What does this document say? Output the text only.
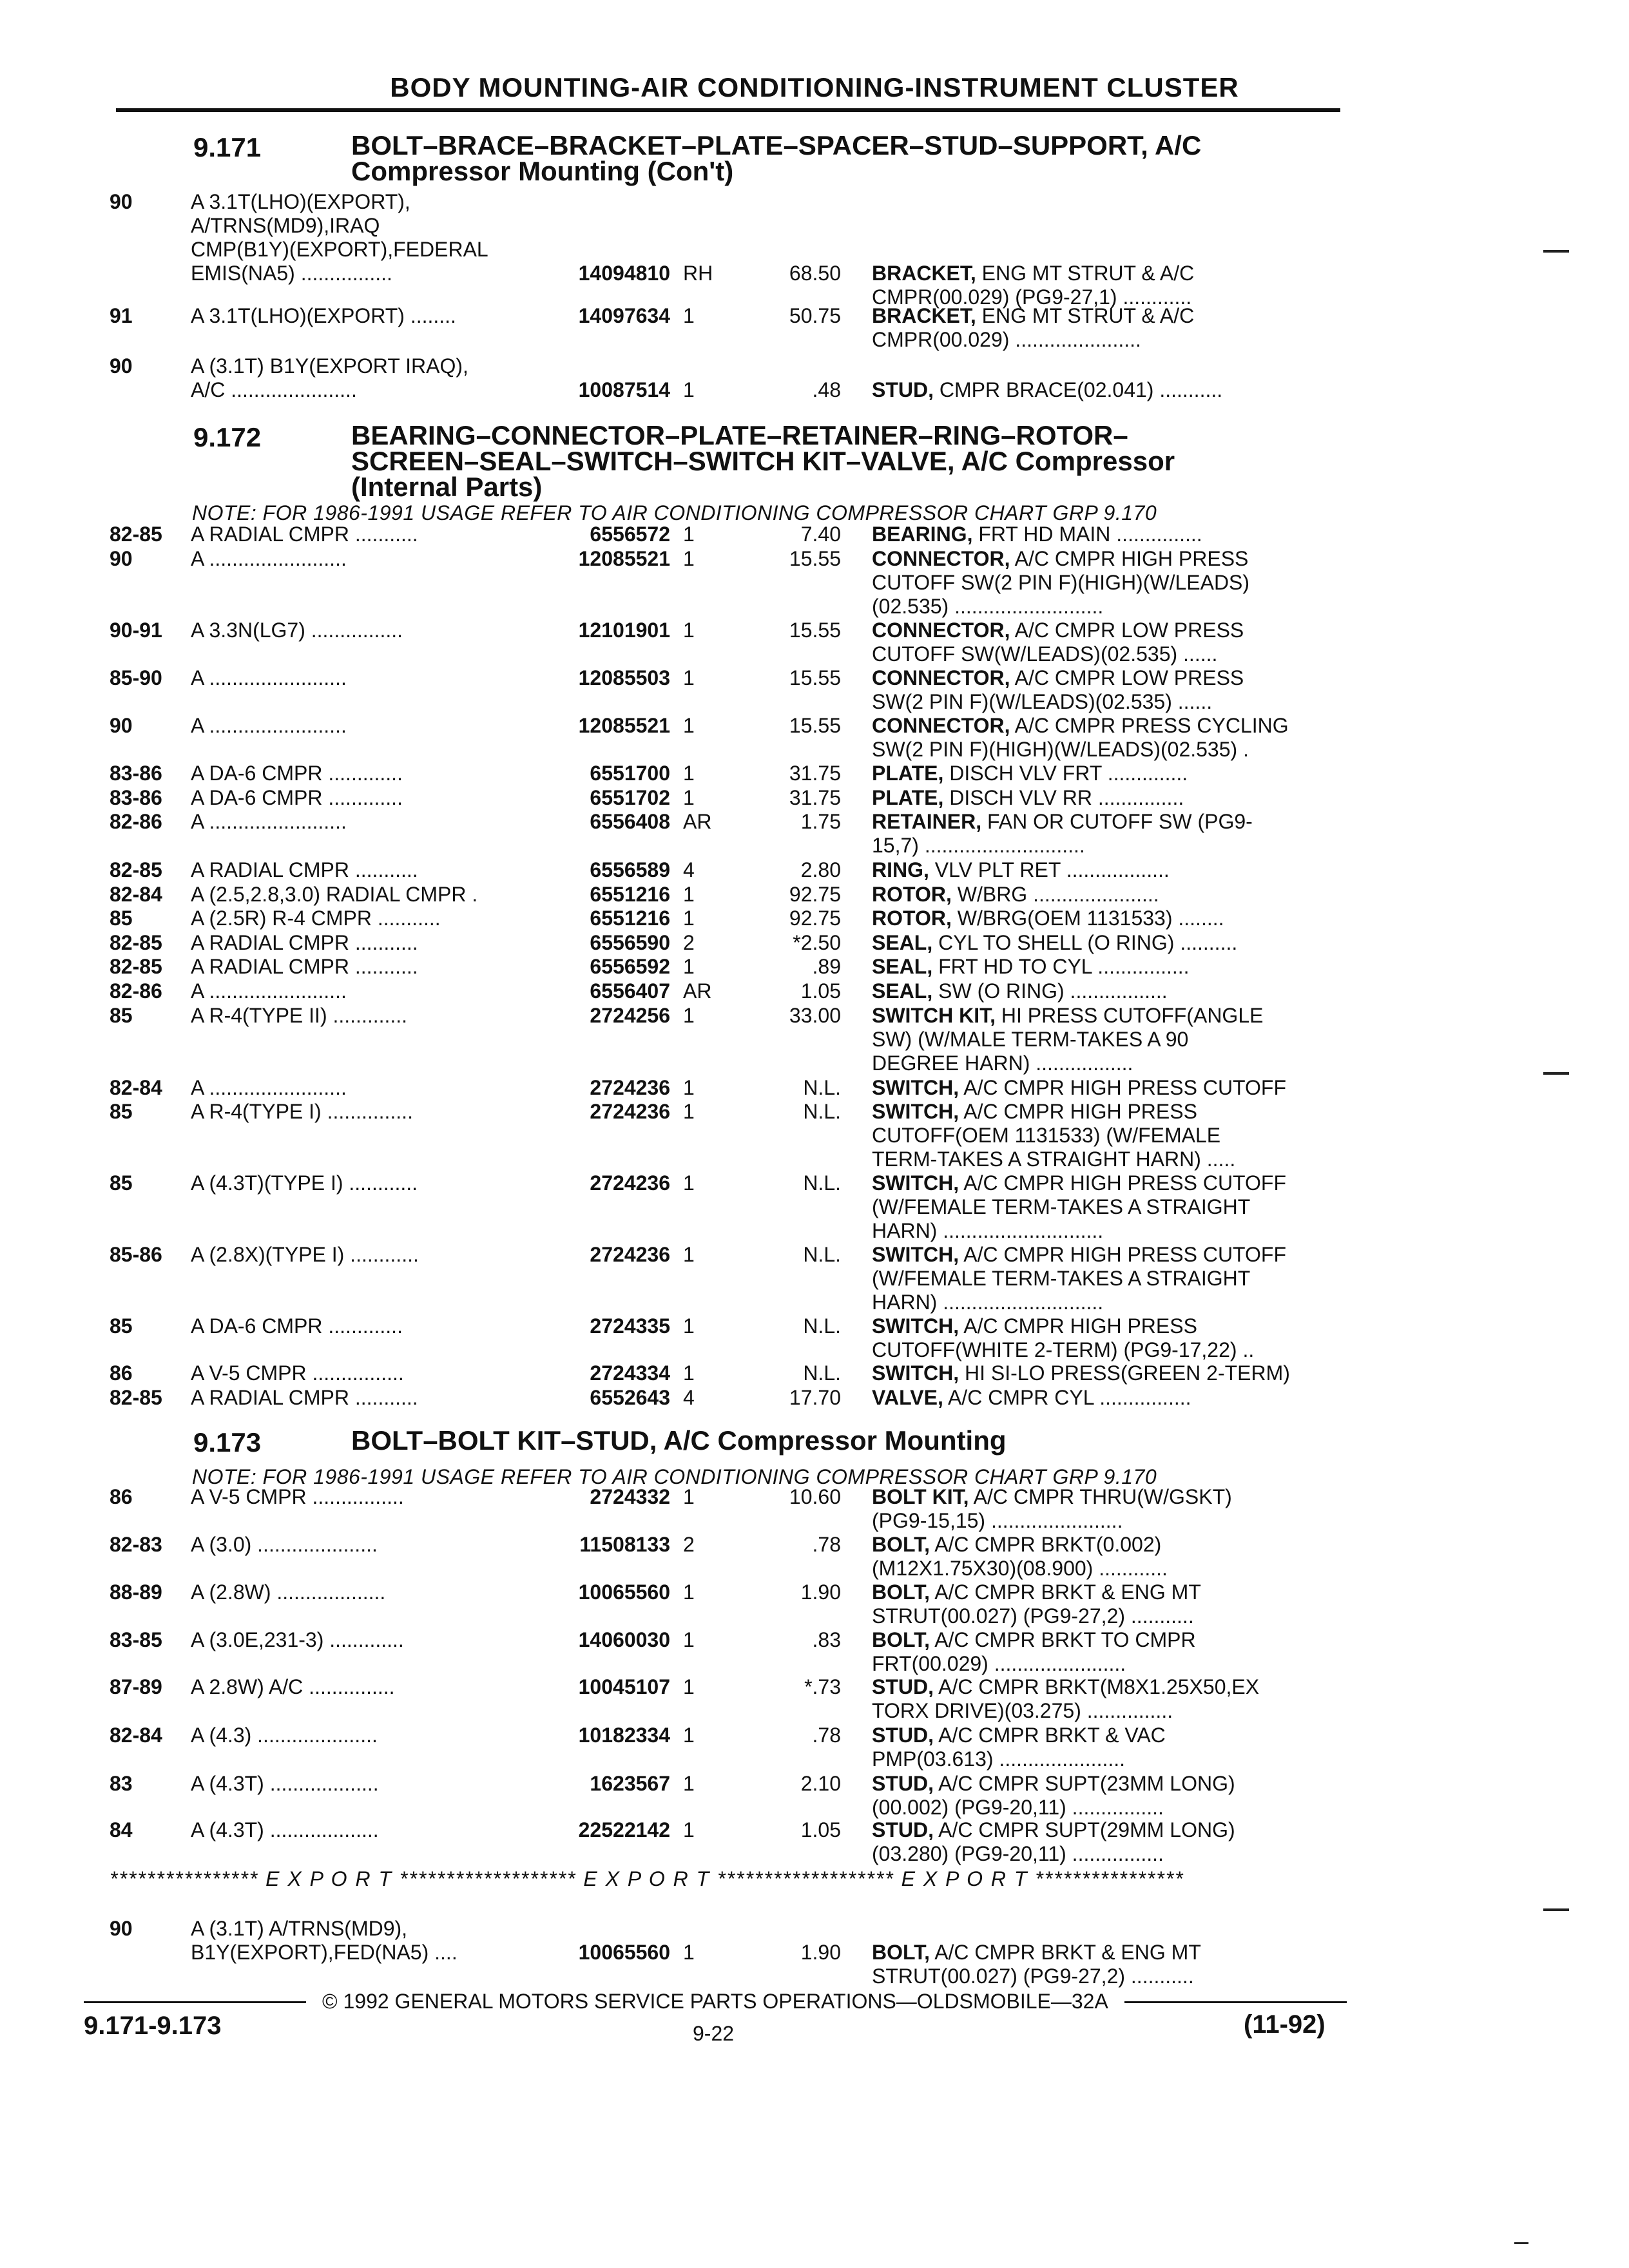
BODY MOUNTING-AIR CONDITIONING-INSTRUMENT CLUSTER
9.171	BOLT–BRACE–BRACKET–PLATE–SPACER–STUD–SUPPORT, A/C
Compressor Mounting (Con't)
9.172	BEARING–CONNECTOR–PLATE–RETAINER–RING–ROTOR–
SCREEN–SEAL–SWITCH–SWITCH KIT–VALVE, A/C Compressor
(Internal Parts)
9.173	BOLT–BOLT KIT–STUD, A/C Compressor Mounting
NOTE: FOR 1986-1991 USAGE REFER TO AIR CONDITIONING COMPRESSOR CHART GRP 9.170
NOTE: FOR 1986-1991 USAGE REFER TO AIR CONDITIONING COMPRESSOR CHART GRP 9.170
90	A 3.1T(LHO)(EXPORT),
A/TRNS(MD9),IRAQ
CMP(B1Y)(EXPORT),FEDERAL
EMIS(NA5) ................	14094810 RH	68.50 BRACKET, ENG MT STRUT & A/C
CMPR(00.029) (PG9-27,1) ............
91	A 3.1T(LHO)(EXPORT) ........	14097634 1	50.75 BRACKET, ENG MT STRUT & A/C
CMPR(00.029) ......................
90	A (3.1T) B1Y(EXPORT IRAQ),
A/C ......................	10087514 1	.48 STUD, CMPR BRACE(02.041) ...........
82-85	A RADIAL CMPR ...........	6556572 1	7.40 BEARING, FRT HD MAIN ...............
90	A ........................	12085521 1	15.55 CONNECTOR, A/C CMPR HIGH PRESS
CUTOFF SW(2 PIN F)(HIGH)(W/LEADS)
(02.535) ..........................
90-91	A 3.3N(LG7) ................	12101901 1	15.55 CONNECTOR, A/C CMPR LOW PRESS
CUTOFF SW(W/LEADS)(02.535) ......
85-90	A ........................	12085503 1	15.55 CONNECTOR, A/C CMPR LOW PRESS
SW(2 PIN F)(W/LEADS)(02.535) ......
90	A ........................	12085521 1	15.55 CONNECTOR, A/C CMPR PRESS CYCLING
SW(2 PIN F)(HIGH)(W/LEADS)(02.535) .
83-86	A DA-6 CMPR .............	6551700 1	31.75 PLATE, DISCH VLV FRT ..............
83-86	A DA-6 CMPR .............	6551702 1	31.75 PLATE, DISCH VLV RR ...............
82-86	A ........................	6556408 AR	1.75 RETAINER, FAN OR CUTOFF SW (PG9-
15,7) ............................
82-85	A RADIAL CMPR ...........	6556589 4	2.80 RING, VLV PLT RET ..................
82-84	A (2.5,2.8,3.0) RADIAL CMPR .	6551216 1	92.75 ROTOR, W/BRG ......................
85	A (2.5R) R-4 CMPR ...........	6551216 1	92.75 ROTOR, W/BRG(OEM 1131533) ........
82-85	A RADIAL CMPR ...........	6556590 2	*2.50 SEAL, CYL TO SHELL (O RING) ..........
82-85	A RADIAL CMPR ...........	6556592 1	.89 SEAL, FRT HD TO CYL ................
82-86	A ........................	6556407 AR	1.05 SEAL, SW (O RING) .................
85	A R-4(TYPE II) .............	2724256 1	33.00 SWITCH KIT, HI PRESS CUTOFF(ANGLE
SW) (W/MALE TERM-TAKES A 90
DEGREE HARN) .................
82-84	A ........................	2724236 1	N.L. SWITCH, A/C CMPR HIGH PRESS CUTOFF
85	A R-4(TYPE I) ...............	2724236 1	N.L. SWITCH, A/C CMPR HIGH PRESS
CUTOFF(OEM 1131533) (W/FEMALE
TERM-TAKES A STRAIGHT HARN) .....
85	A (4.3T)(TYPE I) ............	2724236 1	N.L. SWITCH, A/C CMPR HIGH PRESS CUTOFF
(W/FEMALE TERM-TAKES A STRAIGHT
HARN) ............................
85-86	A (2.8X)(TYPE I) ............	2724236 1	N.L. SWITCH, A/C CMPR HIGH PRESS CUTOFF
(W/FEMALE TERM-TAKES A STRAIGHT
HARN) ............................
85	A DA-6 CMPR .............	2724335 1	N.L. SWITCH, A/C CMPR HIGH PRESS
CUTOFF(WHITE 2-TERM) (PG9-17,22) ..
86	A V-5 CMPR ................	2724334 1	N.L. SWITCH, HI SI-LO PRESS(GREEN 2-TERM)
82-85	A RADIAL CMPR ...........	6552643 4	17.70 VALVE, A/C CMPR CYL ................
86	A V-5 CMPR ................	2724332 1	10.60 BOLT KIT, A/C CMPR THRU(W/GSKT)
(PG9-15,15) .......................
82-83	A (3.0) .....................	11508133 2	.78 BOLT, A/C CMPR BRKT(0.002)
(M12X1.75X30)(08.900) ............
88-89	A (2.8W) ...................	10065560 1	1.90 BOLT, A/C CMPR BRKT & ENG MT
STRUT(00.027) (PG9-27,2) ...........
83-85	A (3.0E,231-3) .............	14060030 1	.83 BOLT, A/C CMPR BRKT TO CMPR
FRT(00.029) .......................
87-89	A 2.8W) A/C ...............	10045107 1	*.73 STUD, A/C CMPR BRKT(M8X1.25X50,EX
TORX DRIVE)(03.275) ...............
82-84	A (4.3) .....................	10182334 1	.78 STUD, A/C CMPR BRKT & VAC
PMP(03.613) ......................
83	A (4.3T) ...................	1623567 1	2.10 STUD, A/C CMPR SUPT(23MM LONG)
(00.002) (PG9-20,11) ................
84	A (4.3T) ...................	22522142 1	1.05 STUD, A/C CMPR SUPT(29MM LONG)
(03.280) (PG9-20,11) ................
90	A (3.1T) A/TRNS(MD9),
B1Y(EXPORT),FED(NA5) ....	10065560 1	1.90 BOLT, A/C CMPR BRKT & ENG MT
STRUT(00.027) (PG9-27,2) ...........
**************** E X P O R T ******************* E X P O R T ******************* E X P O R T ****************
© 1992 GENERAL MOTORS SERVICE PARTS OPERATIONS—OLDSMOBILE—32A
9.171-9.173	9-22	(11-92)
